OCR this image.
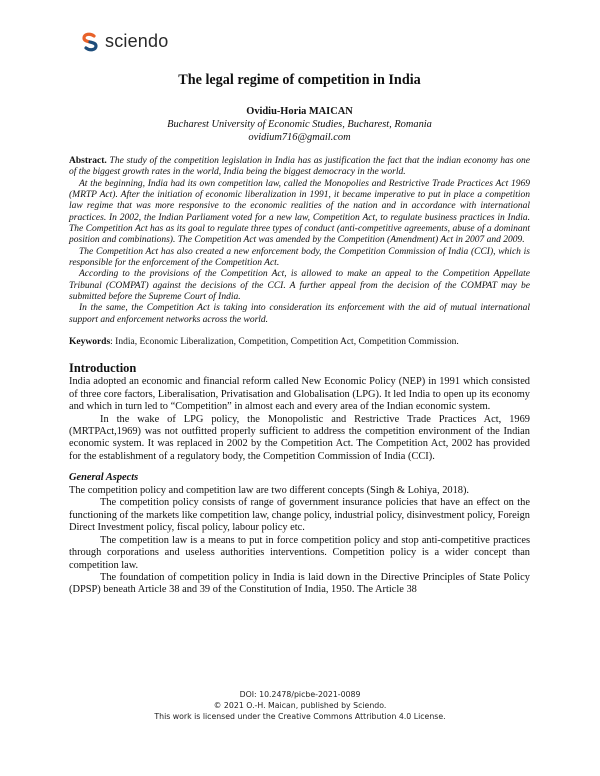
sciendo
The legal regime of competition in India
Ovidiu-Horia MAICAN
Bucharest University of Economic Studies, Bucharest, Romania
ovidium716@gmail.com

Abstract. The study of the competition legislation in India has as justification the fact that the indian economy has one of the biggest growth rates in the world, India being the biggest democracy in the world.

At the beginning, India had its own competition law, called the Monopolies and Restrictive Trade Practices Act 1969 (MRTP Act). After the initiation of economic liberalization in 1991, it became imperative to put in place a competition law regime that was more responsive to the economic realities of the nation and in accordance with international practices. In 2002, the Indian Parliament voted for a new law, Competition Act, to regulate business practices in India. The Competition Act has as its goal to regulate three types of conduct (anti-competitive agreements, abuse of a dominant position and combinations). The Competition Act was amended by the Competition (Amendment) Act in 2007 and 2009.

The Competition Act has also created a new enforcement body, the Competition Commission of India (CCI), which is responsible for the enforcement of the Competition Act.

According to the provisions of the Competition Act, is allowed to make an appeal to the Competition Appellate Tribunal (COMPAT) against the decisions of the CCI. A further appeal from the decision of the COMPAT may be submitted before the Supreme Court of India.

In the same, the Competition Act is taking into consideration its enforcement with the aid of mutual international support and enforcement networks across the world.

Keywords: India, Economic Liberalization, Competition, Competition Act, Competition Commission.
Introduction

India adopted an economic and financial reform called New Economic Policy (NEP) in 1991 which consisted of three core factors, Liberalisation, Privatisation and Globalisation (LPG). It led India to open up its economy and which in turn led to “Competition” in almost each and every area of the Indian economic system.

In the wake of LPG policy, the Monopolistic and Restrictive Trade Practices Act, 1969 (MRTPAct,1969) was not outfitted properly sufficient to address the competition environment of the Indian economic system. It was replaced in 2002 by the Competition Act. The Competition Act, 2002 has provided for the establishment of a regulatory body, the Competition Commission of India (CCI).

General Aspects

The competition policy and competition law are two different concepts (Singh & Lohiya, 2018).

The competition policy consists of range of government insurance policies that have an effect on the functioning of the markets like competition law, change policy, industrial policy, disinvestment policy, Foreign Direct Investment policy, fiscal policy, labour policy etc.

The competition law is a means to put in force competition policy and stop anti-competitive practices through corporations and useless authorities interventions. Competition policy is a wider concept than competition law.

The foundation of competition policy in India is laid down in the Directive Principles of State Policy (DPSP) beneath Article 38 and 39 of the Constitution of India, 1950. The Article 38

DOI: 10.2478/picbe-2021-0089
© 2021 O.-H. Maican, published by Sciendo.
This work is licensed under the Creative Commons Attribution 4.0 License.
